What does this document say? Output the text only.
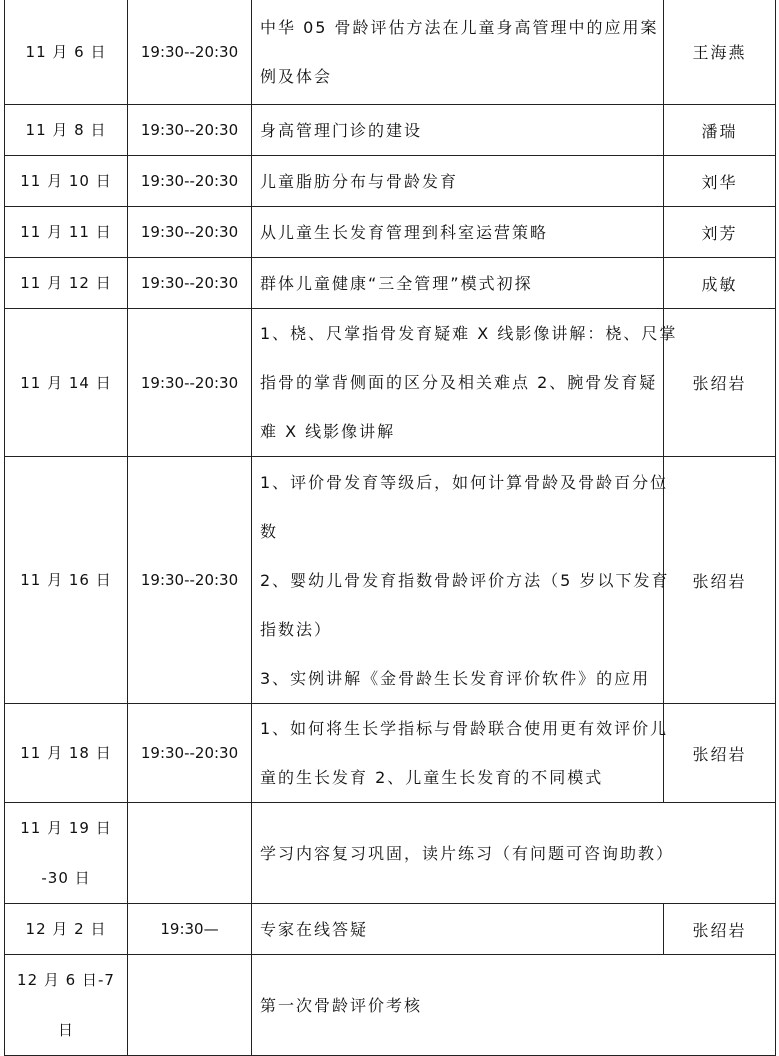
11 月 6 日	19:30--20:30	中华 05 骨龄评估方法在儿童身高管理中的应用案
例及体会	王海燕

11 月 8 日	19:30--20:30	身高管理门诊的建设	潘瑞

11 月 10 日	19:30--20:30	儿童脂肪分布与骨龄发育	刘华

11 月 11 日	19:30--20:30	从儿童生长发育管理到科室运营策略	刘芳

11 月 12 日	19:30--20:30	群体儿童健康“三全管理”模式初探	成敏

11 月 14 日	19:30--20:30	1、桡、尺掌指骨发育疑难 X 线影像讲解：桡、尺掌
指骨的掌背侧面的区分及相关难点 2、腕骨发育疑
难 X 线影像讲解	张绍岩

11 月 16 日	19:30--20:30	1、评价骨发育等级后，如何计算骨龄及骨龄百分位
数
2、婴幼儿骨发育指数骨龄评价方法（5 岁以下发育
指数法）
3、实例讲解《金骨龄生长发育评价软件》的应用	张绍岩

11 月 18 日	19:30--20:30	1、如何将生长学指标与骨龄联合使用更有效评价儿
童的生长发育 2、儿童生长发育的不同模式	张绍岩

11 月 19 日
-30 日		学习内容复习巩固，读片练习（有问题可咨询助教）	

12 月 2 日	19:30—	专家在线答疑	张绍岩

12 月 6 日-7
日		第一次骨龄评价考核	
